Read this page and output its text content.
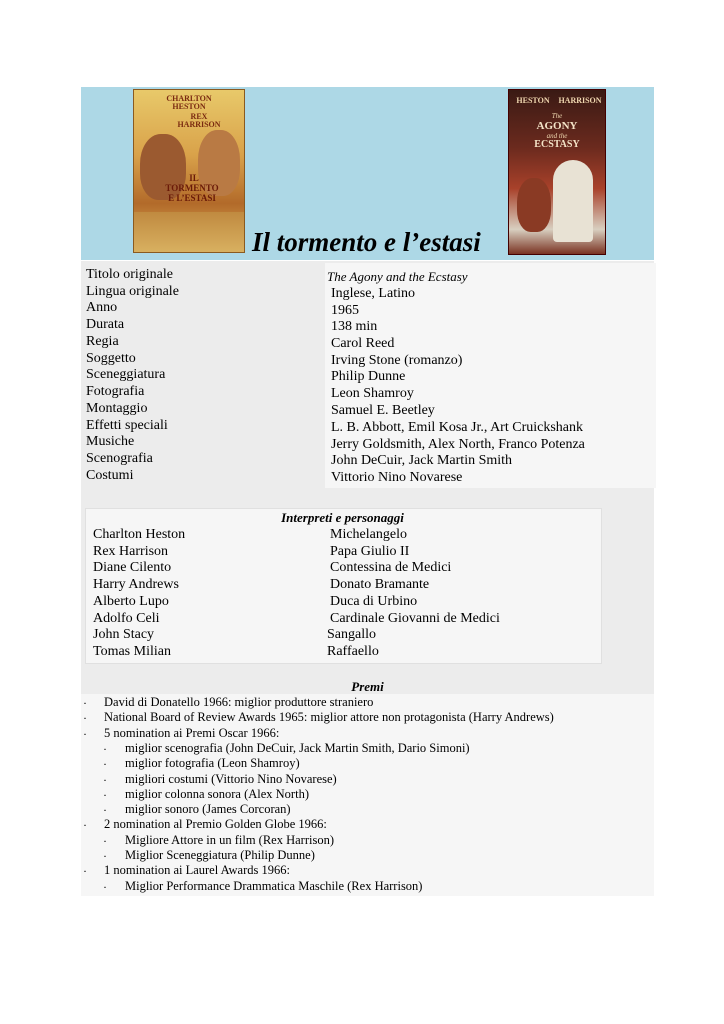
CHARLTON
HESTON
REX
HARRISON
IL
TORMENTO
E L’ESTASI
HESTON	HARRISON
The
AGONY
and the
ECSTASY
Il tormento e l’estasi
Titolo originale	The Agony and the Ecstasy
Lingua originale	Inglese, Latino
Anno	1965
Durata	138 min
Regia	Carol Reed
Soggetto	Irving Stone (romanzo)
Sceneggiatura	Philip Dunne
Fotografia	Leon Shamroy
Montaggio	Samuel E. Beetley
Effetti speciali	L. B. Abbott, Emil Kosa Jr., Art Cruickshank
Musiche	Jerry Goldsmith, Alex North, Franco Potenza
Scenografia	John DeCuir, Jack Martin Smith
Costumi	Vittorio Nino Novarese
Interpreti e personaggi
Charlton Heston	Michelangelo
Rex Harrison	Papa Giulio II
Diane Cilento	Contessina de Medici
Harry Andrews	Donato Bramante
Alberto Lupo	Duca di Urbino
Adolfo Celi	Cardinale Giovanni de Medici
John Stacy	Sangallo
Tomas Milian	Raffaello
Premi
· David di Donatello 1966: miglior produttore straniero
· National Board of Review Awards 1965: miglior attore non protagonista (Harry Andrews)
· 5 nomination ai Premi Oscar 1966:
· miglior scenografia (John DeCuir, Jack Martin Smith, Dario Simoni)
· miglior fotografia (Leon Shamroy)
· migliori costumi (Vittorio Nino Novarese)
· miglior colonna sonora (Alex North)
· miglior sonoro (James Corcoran)
· 2 nomination al Premio Golden Globe 1966:
· Migliore Attore in un film (Rex Harrison)
· Miglior Sceneggiatura (Philip Dunne)
· 1 nomination ai Laurel Awards 1966:
· Miglior Performance Drammatica Maschile (Rex Harrison)
